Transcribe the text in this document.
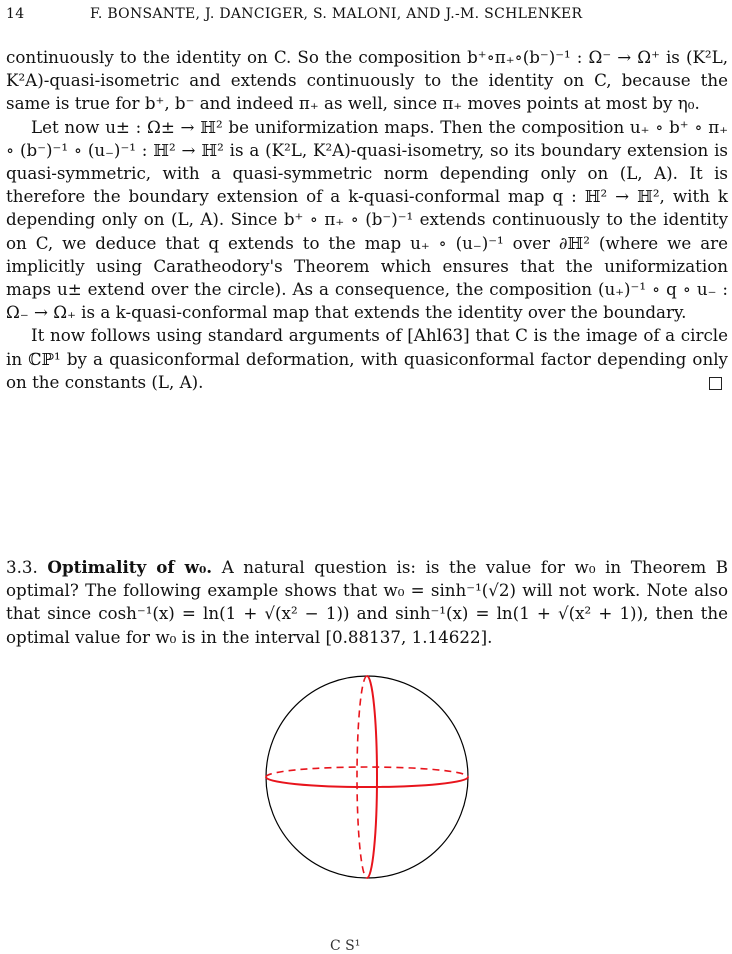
14	F. BONSANTE, J. DANCIGER, S. MALONI, AND J.-M. SCHLENKER

continuously to the identity on C. So the composition b⁺∘π₊∘(b⁻)⁻¹ : Ω⁻ → Ω⁺ is (K²L, K²A)-quasi-isometric and extends continuously to the identity on C, because the same is true for b⁺, b⁻ and indeed π₊ as well, since π₊ moves points at most by η₀.

Let now u± : Ω± → ℍ² be uniformization maps. Then the composition u₊ ∘ b⁺ ∘ π₊ ∘ (b⁻)⁻¹ ∘ (u₋)⁻¹ : ℍ² → ℍ² is a (K²L, K²A)-quasi-isometry, so its boundary extension is quasi-symmetric, with a quasi-symmetric norm depending only on (L, A). It is therefore the boundary extension of a k-quasi-conformal map q : ℍ² → ℍ², with k depending only on (L, A). Since b⁺ ∘ π₊ ∘ (b⁻)⁻¹ extends continuously to the identity on C, we deduce that q extends to the map u₊ ∘ (u₋)⁻¹ over ∂ℍ² (where we are implicitly using Caratheodory's Theorem which ensures that the uniformization maps u± extend over the circle). As a consequence, the composition (u₊)⁻¹ ∘ q ∘ u₋ : Ω₋ → Ω₊ is a k-quasi-conformal map that extends the identity over the boundary.

It now follows using standard arguments of [Ahl63] that C is the image of a circle in ℂℙ¹ by a quasiconformal deformation, with quasiconformal factor depending only on the constants (L, A).

3.3. Optimality of w₀. A natural question is: is the value for w₀ in Theorem B optimal? The following example shows that w₀ = sinh⁻¹(√2) will not work. Note also that since cosh⁻¹(x) = ln(1 + √(x² − 1)) and sinh⁻¹(x) = ln(1 + √(x² + 1)), then the optimal value for w₀ is in the interval [0.88137, 1.14622].
C S¹
